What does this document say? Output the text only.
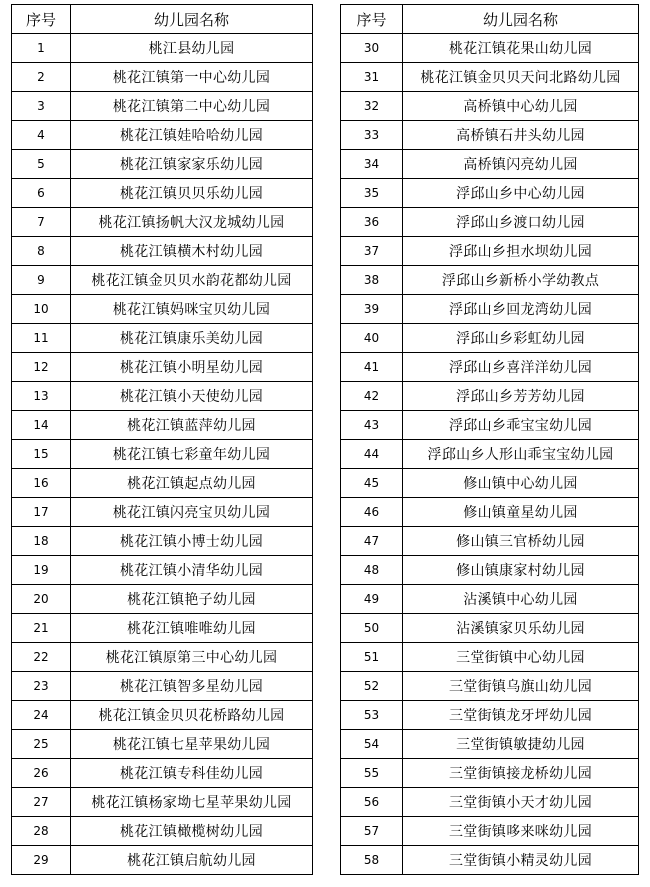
序号	幼儿园名称
1	桃江县幼儿园
2	桃花江镇第一中心幼儿园
3	桃花江镇第二中心幼儿园
4	桃花江镇娃哈哈幼儿园
5	桃花江镇家家乐幼儿园
6	桃花江镇贝贝乐幼儿园
7	桃花江镇扬帆大汉龙城幼儿园
8	桃花江镇横木村幼儿园
9	桃花江镇金贝贝水韵花都幼儿园
10	桃花江镇妈咪宝贝幼儿园
11	桃花江镇康乐美幼儿园
12	桃花江镇小明星幼儿园
13	桃花江镇小天使幼儿园
14	桃花江镇蓝萍幼儿园
15	桃花江镇七彩童年幼儿园
16	桃花江镇起点幼儿园
17	桃花江镇闪亮宝贝幼儿园
18	桃花江镇小博士幼儿园
19	桃花江镇小清华幼儿园
20	桃花江镇艳子幼儿园
21	桃花江镇唯唯幼儿园
22	桃花江镇原第三中心幼儿园
23	桃花江镇智多星幼儿园
24	桃花江镇金贝贝花桥路幼儿园
25	桃花江镇七星苹果幼儿园
26	桃花江镇专科佳幼儿园
27	桃花江镇杨家坳七星苹果幼儿园
28	桃花江镇橄榄树幼儿园
29	桃花江镇启航幼儿园
序号	幼儿园名称
30	桃花江镇花果山幼儿园
31	桃花江镇金贝贝天问北路幼儿园
32	高桥镇中心幼儿园
33	高桥镇石井头幼儿园
34	高桥镇闪亮幼儿园
35	浮邱山乡中心幼儿园
36	浮邱山乡渡口幼儿园
37	浮邱山乡担水坝幼儿园
38	浮邱山乡新桥小学幼教点
39	浮邱山乡回龙湾幼儿园
40	浮邱山乡彩虹幼儿园
41	浮邱山乡喜洋洋幼儿园
42	浮邱山乡芳芳幼儿园
43	浮邱山乡乖宝宝幼儿园
44	浮邱山乡人形山乖宝宝幼儿园
45	修山镇中心幼儿园
46	修山镇童星幼儿园
47	修山镇三官桥幼儿园
48	修山镇康家村幼儿园
49	沾溪镇中心幼儿园
50	沾溪镇家贝乐幼儿园
51	三堂街镇中心幼儿园
52	三堂街镇乌旗山幼儿园
53	三堂街镇龙牙坪幼儿园
54	三堂街镇敏捷幼儿园
55	三堂街镇接龙桥幼儿园
56	三堂街镇小天才幼儿园
57	三堂街镇哆来咪幼儿园
58	三堂街镇小精灵幼儿园
